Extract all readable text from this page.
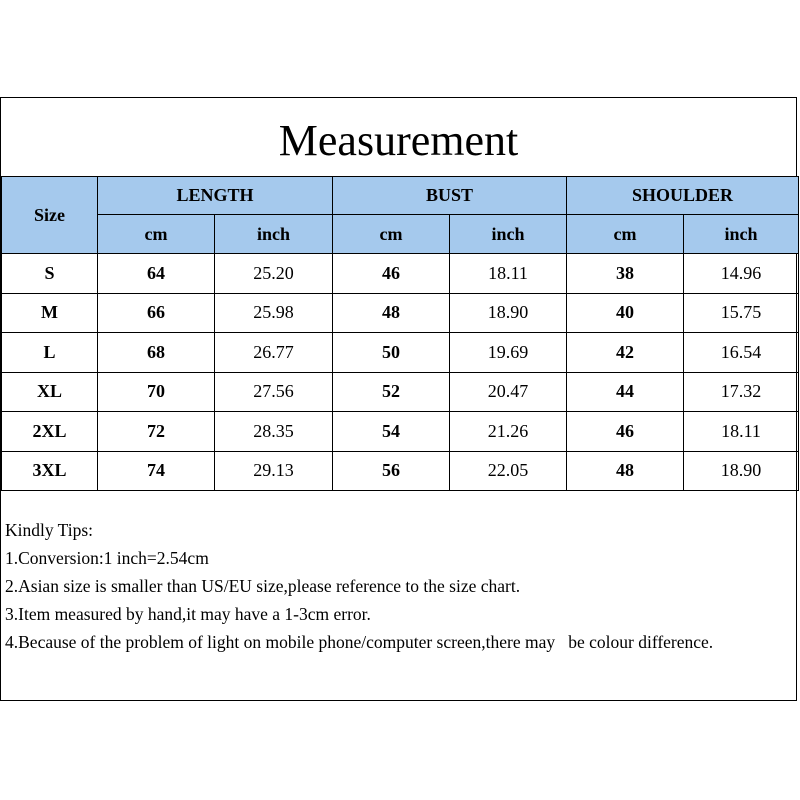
Measurement
Size	LENGTH		BUST		SHOULDER	
	cm	inch	cm	inch	cm	inch
S	64	25.20	46	18.11	38	14.96
M	66	25.98	48	18.90	40	15.75
L	68	26.77	50	19.69	42	16.54
XL	70	27.56	52	20.47	44	17.32
2XL	72	28.35	54	21.26	46	18.11
3XL	74	29.13	56	22.05	48	18.90
Kindly Tips:
1.Conversion:1 inch=2.54cm
2.Asian size is smaller than US/EU size,please reference to the size chart.
3.Item measured by hand,it may have a 1-3cm error.
4.Because of the problem of light on mobile phone/computer screen,there may   be colour difference.
